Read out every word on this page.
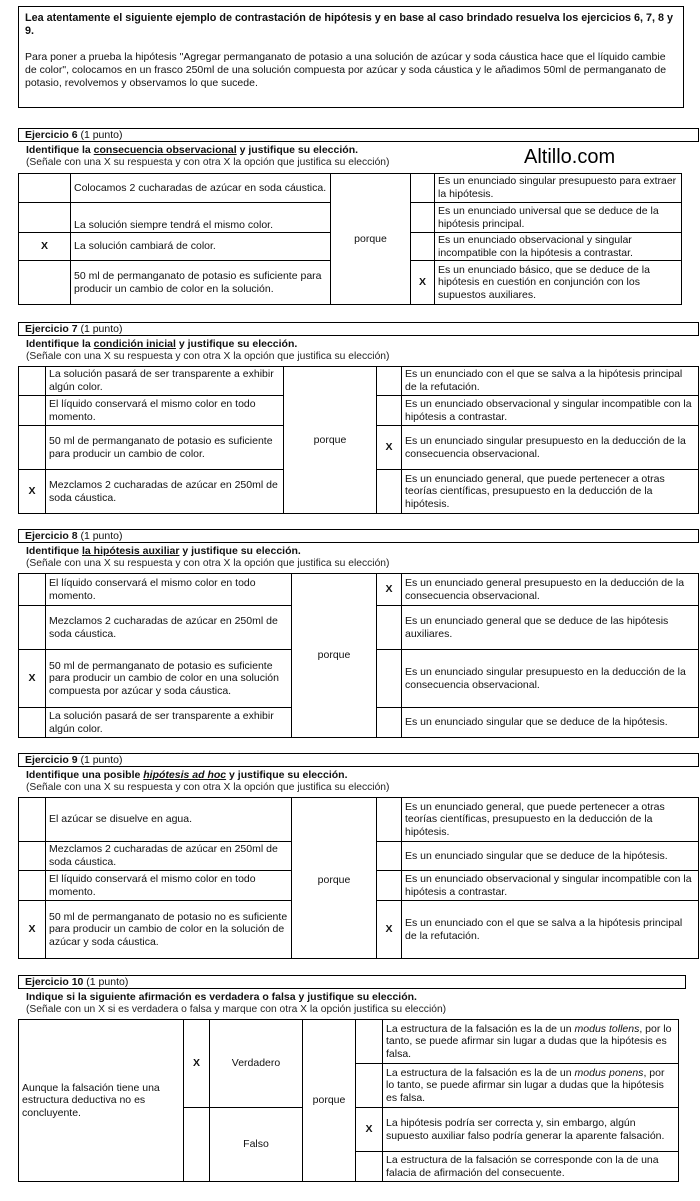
Lea atentamente el siguiente ejemplo de contrastación de hipótesis y en base al caso brindado resuelva los ejercicios 6, 7, 8 y 9.
Para poner a prueba la hipótesis "Agregar permanganato de potasio a una solución de azúcar y soda cáustica hace que el líquido cambie de color", colocamos en un frasco 250ml de una solución compuesta por azúcar y soda cáustica y le añadimos 50ml de permanganato de potasio, revolvemos y observamos lo que sucede.
Ejercicio 6 (1 punto)
Identifique la consecuencia observacional y justifique su elección.
(Señale con una X su respuesta y con otra X la opción que justifica su elección)	Altillo.com
	Colocamos 2 cucharadas de azúcar en soda cáustica.	porque		Es un enunciado singular presupuesto para extraer la hipótesis.
	La solución siempre tendrá el mismo color.			Es un enunciado universal que se deduce de la hipótesis principal.
X	La solución cambiará de color.			Es un enunciado observacional y singular incompatible con la hipótesis a contrastar.
	50 ml de permanganato de potasio es suficiente para producir un cambio de color en la solución.		X	Es un enunciado básico, que se deduce de la hipótesis en cuestión en conjunción con los supuestos auxiliares.
Ejercicio 7 (1 punto)
Identifique la condición inicial y justifique su elección.
(Señale con una X su respuesta y con otra X la opción que justifica su elección)
	La solución pasará de ser transparente a exhibir algún color.	porque		Es un enunciado con el que se salva a la hipótesis principal de la refutación.
	El líquido conservará el mismo color en todo momento.			Es un enunciado observacional y singular incompatible con la hipótesis a contrastar.
	50 ml de permanganato de potasio es suficiente para producir un cambio de color.		X	Es un enunciado singular presupuesto en la deducción de la consecuencia observacional.
X	Mezclamos 2 cucharadas de azúcar en 250ml de soda cáustica.			Es un enunciado general, que puede pertenecer a otras teorías científicas, presupuesto en la deducción de la hipótesis.
Ejercicio 8 (1 punto)
Identifique la hipótesis auxiliar y justifique su elección.
(Señale con una X su respuesta y con otra X la opción que justifica su elección)
	El líquido conservará el mismo color en todo momento.	porque	X	Es un enunciado general presupuesto en la deducción de la consecuencia observacional.
	Mezclamos 2 cucharadas de azúcar en 250ml de soda cáustica.			Es un enunciado general que se deduce de las hipótesis auxiliares.
X	50 ml de permanganato de potasio es suficiente para producir un cambio de color en una solución compuesta por azúcar y soda cáustica.			Es un enunciado singular presupuesto en la deducción de la consecuencia observacional.
	La solución pasará de ser transparente a exhibir algún color.			Es un enunciado singular que se deduce de la hipótesis.
Ejercicio 9 (1 punto)
Identifique una posible hipótesis ad hoc y justifique su elección.
(Señale con una X su respuesta y con otra X la opción que justifica su elección)
	El azúcar se disuelve en agua.	porque		Es un enunciado general, que puede pertenecer a otras teorías científicas, presupuesto en la deducción de la hipótesis.
	Mezclamos 2 cucharadas de azúcar en 250ml de soda cáustica.			Es un enunciado singular que se deduce de la hipótesis.
	El líquido conservará el mismo color en todo momento.			Es un enunciado observacional y singular incompatible con la hipótesis a contrastar.
X	50 ml de permanganato de potasio no es suficiente para producir un cambio de color en la solución de azúcar y soda cáustica.		X	Es un enunciado con el que se salva a la hipótesis principal de la refutación.
Ejercicio 10 (1 punto)
Indique si la siguiente afirmación es verdadera o falsa y justifique su elección.
(Señale con un X si es verdadera o falsa y marque con otra X la opción justifica su elección)
Aunque la falsación tiene una estructura deductiva no es concluyente.	X	Verdadero	porque		La estructura de la falsación es la de un modus tollens, por lo tanto, se puede afirmar sin lugar a dudas que la hipótesis es falsa.
					La estructura de la falsación es la de un modus ponens, por lo tanto, se puede afirmar sin lugar a dudas que la hipótesis es falsa.
		Falso		X	La hipótesis podría ser correcta y, sin embargo, algún supuesto auxiliar falso podría generar la aparente falsación.
					La estructura de la falsación se corresponde con la de una falacia de afirmación del consecuente.
